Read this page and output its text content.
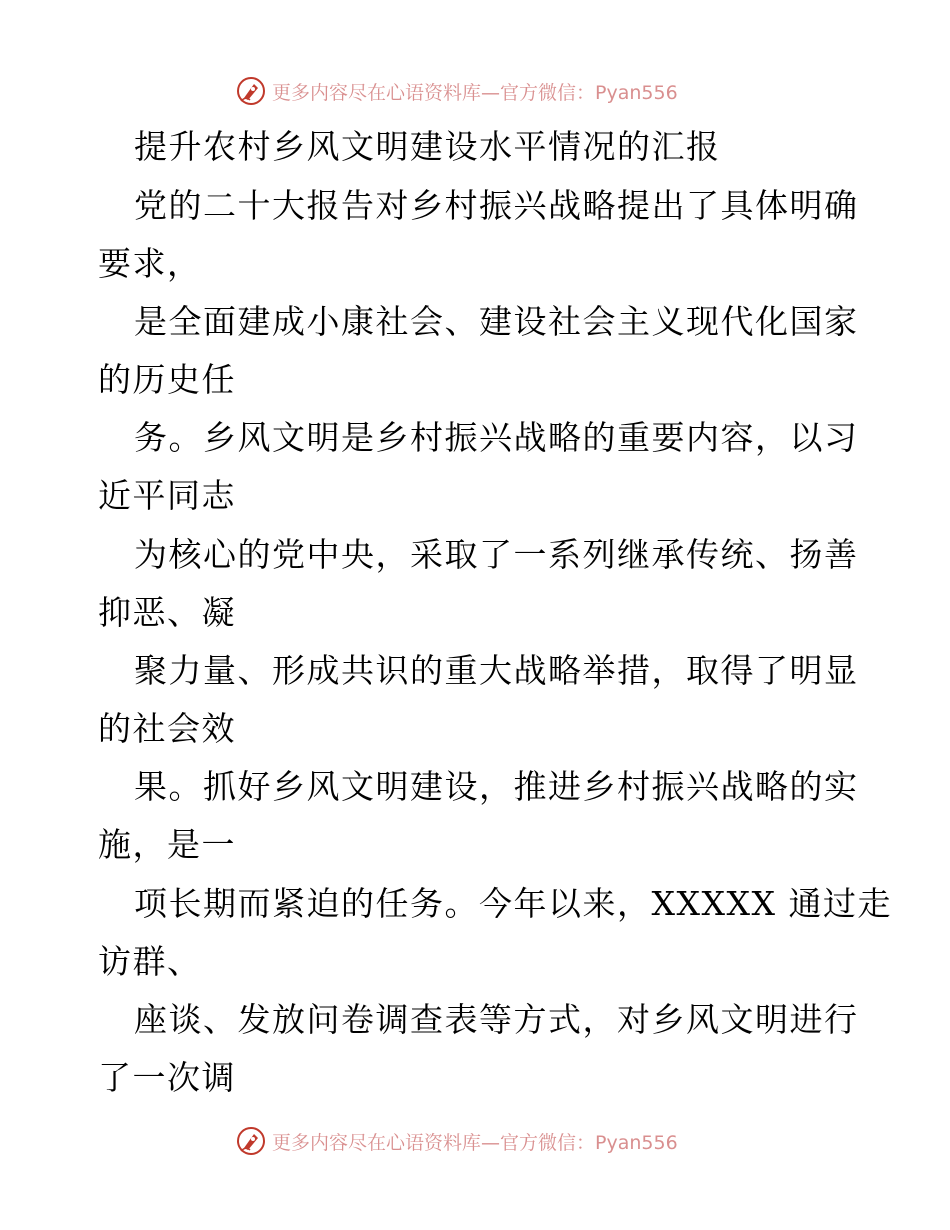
更多内容尽在心语资料库—官方微信：Pyan556
提升农村乡风文明建设水平情况的汇报
党的二十大报告对乡村振兴战略提出了具体明确
要求，
是全面建成小康社会、建设社会主义现代化国家
的历史任
务。乡风文明是乡村振兴战略的重要内容，以习
近平同志
为核心的党中央，采取了一系列继承传统、扬善
抑恶、凝
聚力量、形成共识的重大战略举措，取得了明显
的社会效
果。抓好乡风文明建设，推进乡村振兴战略的实
施，是一
项长期而紧迫的任务。今年以来，XXXXX 通过走
访群、
座谈、发放问卷调查表等方式，对乡风文明进行
了一次调
更多内容尽在心语资料库—官方微信：Pyan556
